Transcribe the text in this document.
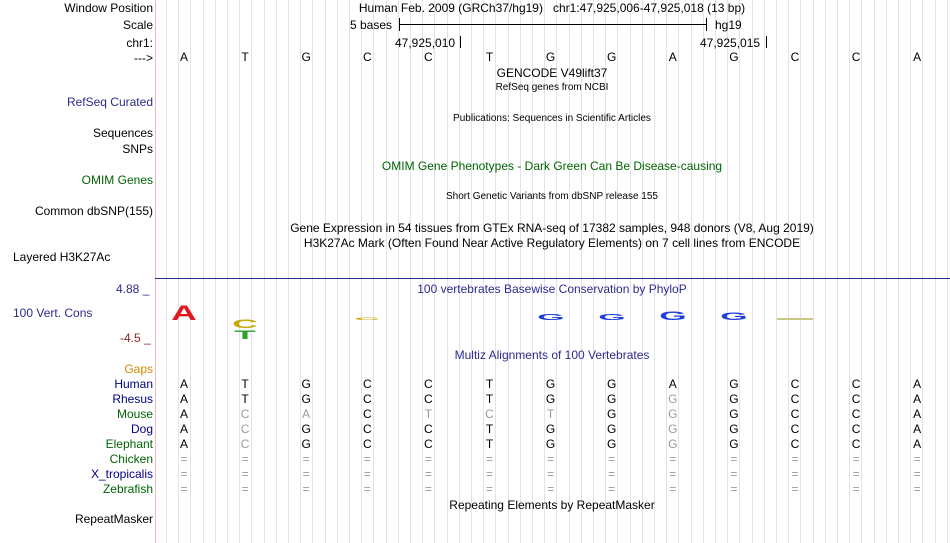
Window Position	Human Feb. 2009 (GRCh37/hg19)   chr1:47,925,006-47,925,018 (13 bp)
Scale	5 bases	hg19
chr1:	47,925,010	47,925,015
---> A	T	G	C	C	T	G	G	A	G	C	C	A
GENCODE V49lift37
RefSeq genes from NCBI
RefSeq Curated
Publications: Sequences in Scientific Articles
Sequences
SNPs
OMIM Gene Phenotypes - Dark Green Can Be Disease-causing
OMIM Genes
Short Genetic Variants from dbSNP release 155
Common dbSNP(155)
Gene Expression in 54 tissues from GTEx RNA-seq of 17382 samples, 948 donors (V8, Aug 2019)
H3K27Ac Mark (Often Found Near Active Regulatory Elements) on 7 cell lines from ENCODE
Layered H3K27Ac
100 vertebrates Basewise Conservation by PhyloP
4.88 _
100 Vert. Cons
-4.5 _
A C
T
C	G G G G
Multiz Alignments of 100 Vertebrates
Gaps
Human A	T	G	C	C	T	G	G	A	G	C	C	A
Rhesus A	T	G	C	C	T	G	G	G	G	C	C	A
Mouse A	C	A	C	T	C	T	G	G	G	C	C	A
Dog A	C	G	C	C	T	G	G	G	G	C	C	A
Elephant A	C	G	C	C	T	G	G	G	G	C	C	A
Chicken =	=	=	=	=	=	=	=	=	=	=	=	=
X_tropicalis =	=	=	=	=	=	=	=	=	=	=	=	=
Zebrafish =	=	=	=	=	=	=	=	=	=	=	=	=
Repeating Elements by RepeatMasker
RepeatMasker
